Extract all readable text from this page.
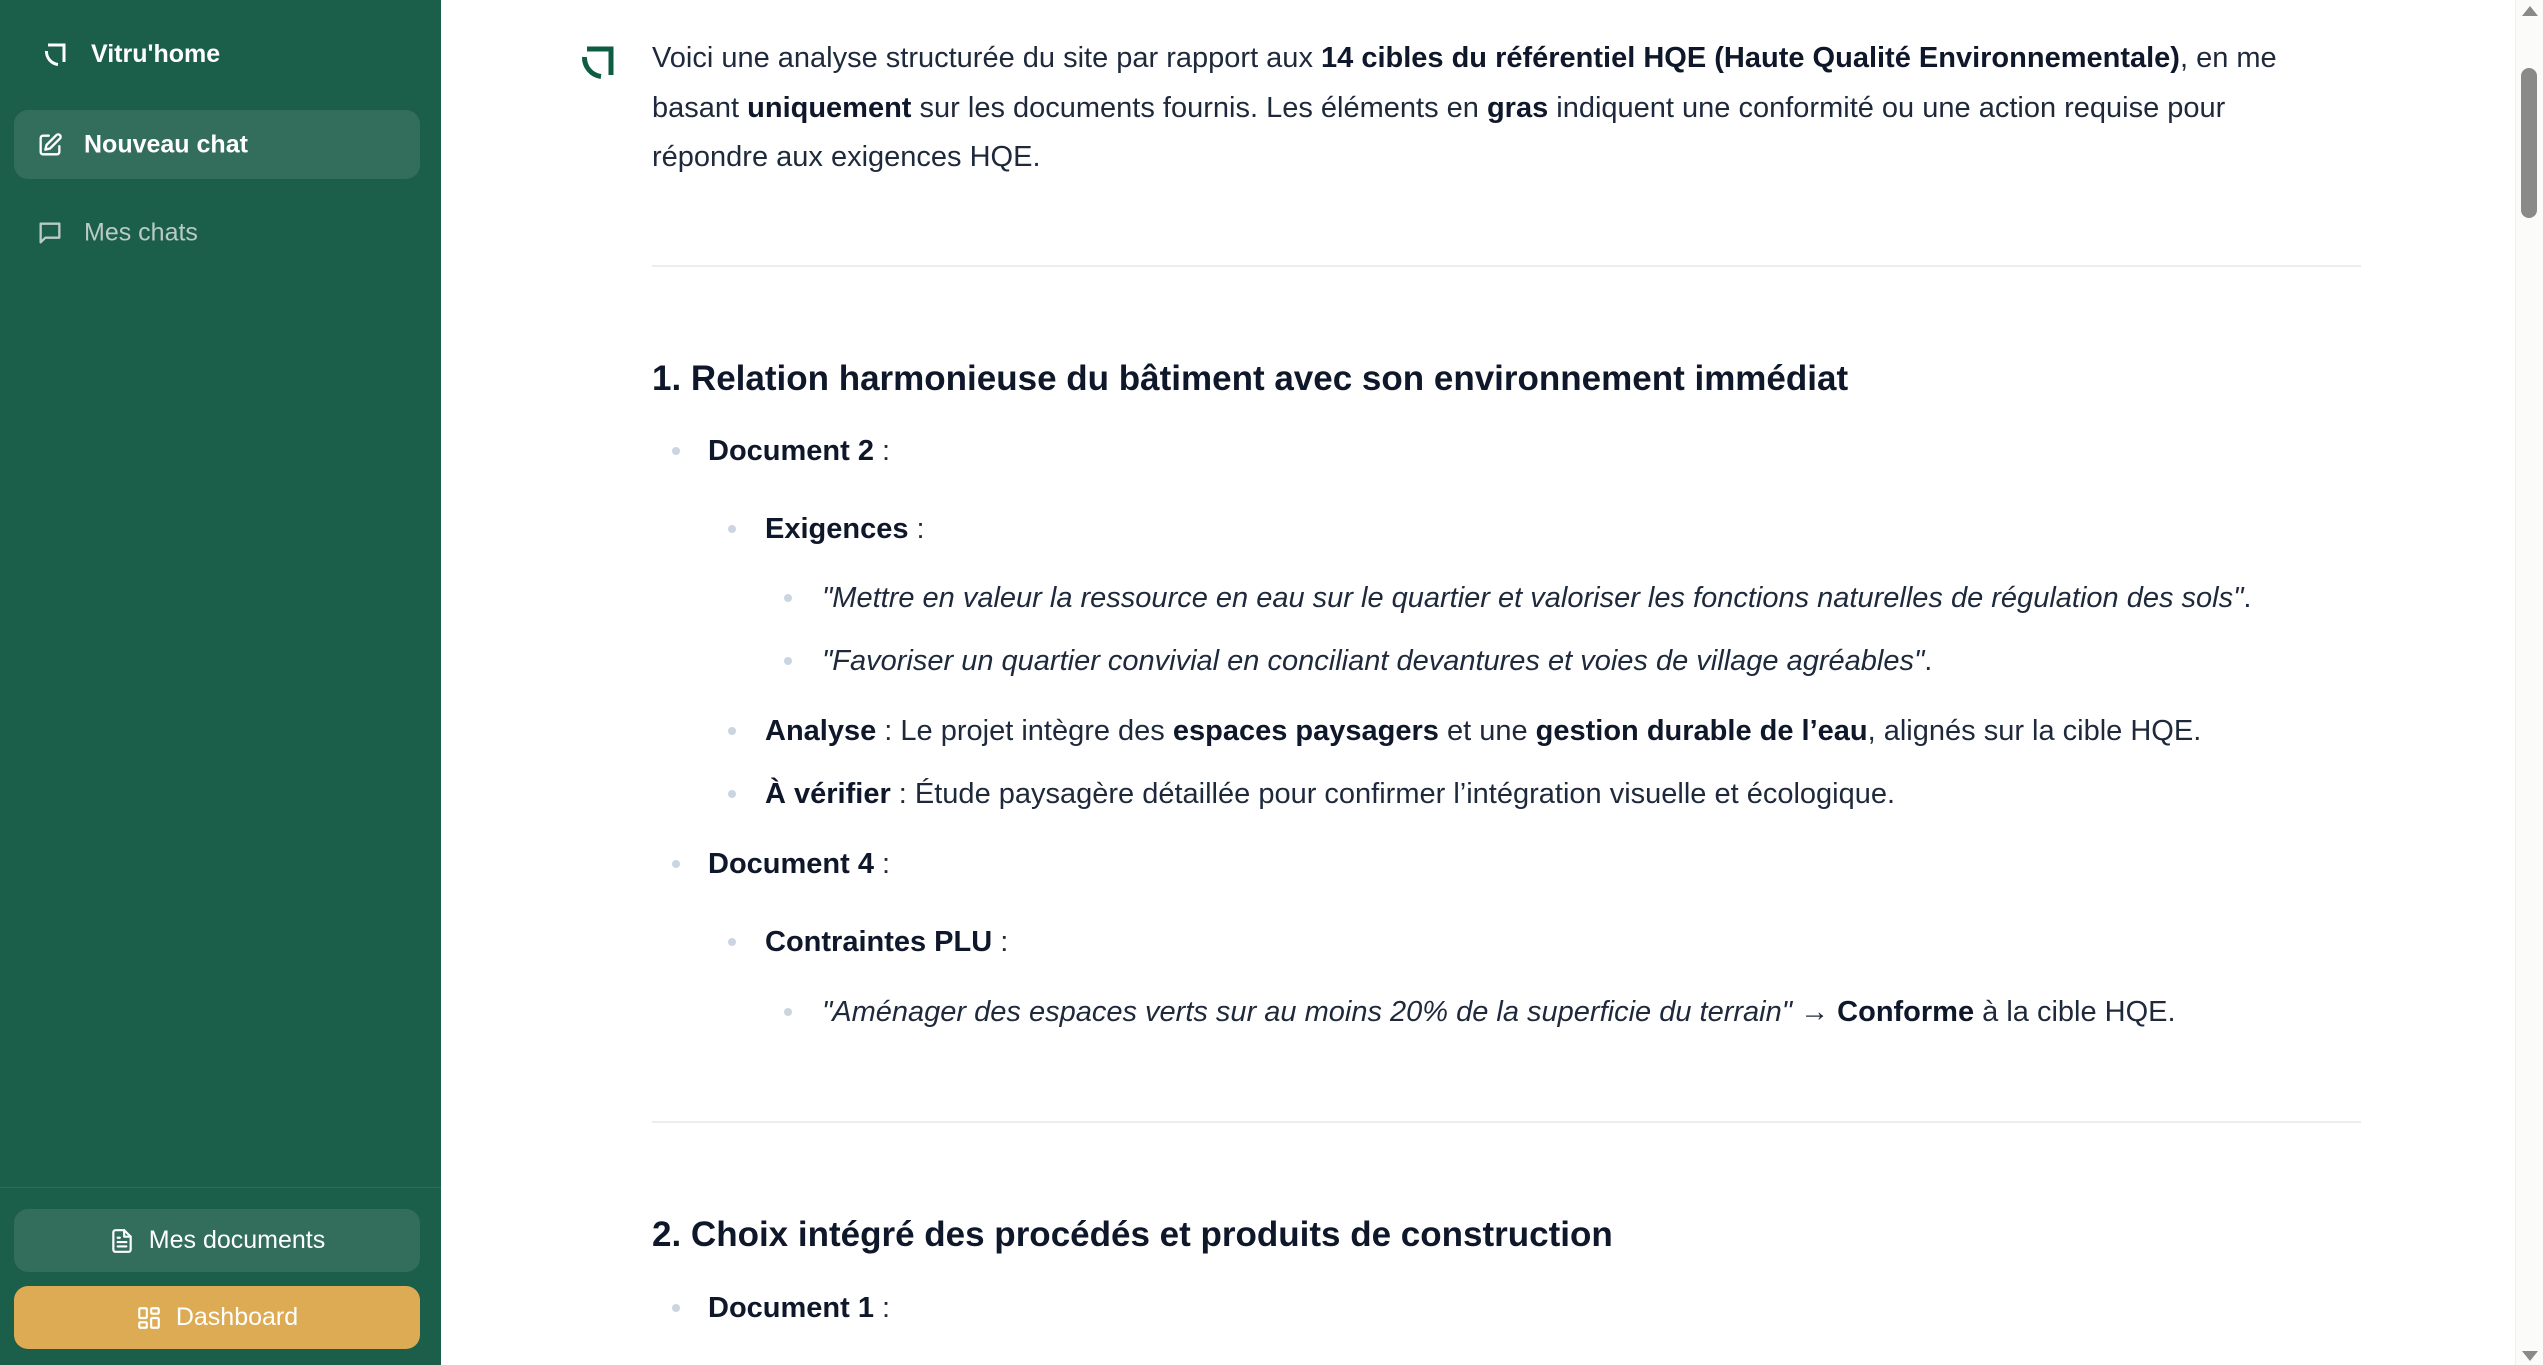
Vitru'home
Nouveau chat
Mes chats
Mes documents
Dashboard
Voici une analyse structurée du site par rapport aux 14 cibles du référentiel HQE (Haute Qualité Environnementale), en me
basant uniquement sur les documents fournis. Les éléments en gras indiquent une conformité ou une action requise pour
répondre aux exigences HQE.
1. Relation harmonieuse du bâtiment avec son environnement immédiat
Document 2 :
Exigences :
"Mettre en valeur la ressource en eau sur le quartier et valoriser les fonctions naturelles de régulation des sols".
"Favoriser un quartier convivial en conciliant devantures et voies de village agréables".
Analyse : Le projet intègre des espaces paysagers et une gestion durable de l’eau, alignés sur la cible HQE.
À vérifier : Étude paysagère détaillée pour confirmer l’intégration visuelle et écologique.
Document 4 :
Contraintes PLU :
"Aménager des espaces verts sur au moins 20% de la superficie du terrain" → Conforme à la cible HQE.
2. Choix intégré des procédés et produits de construction
Document 1 :
